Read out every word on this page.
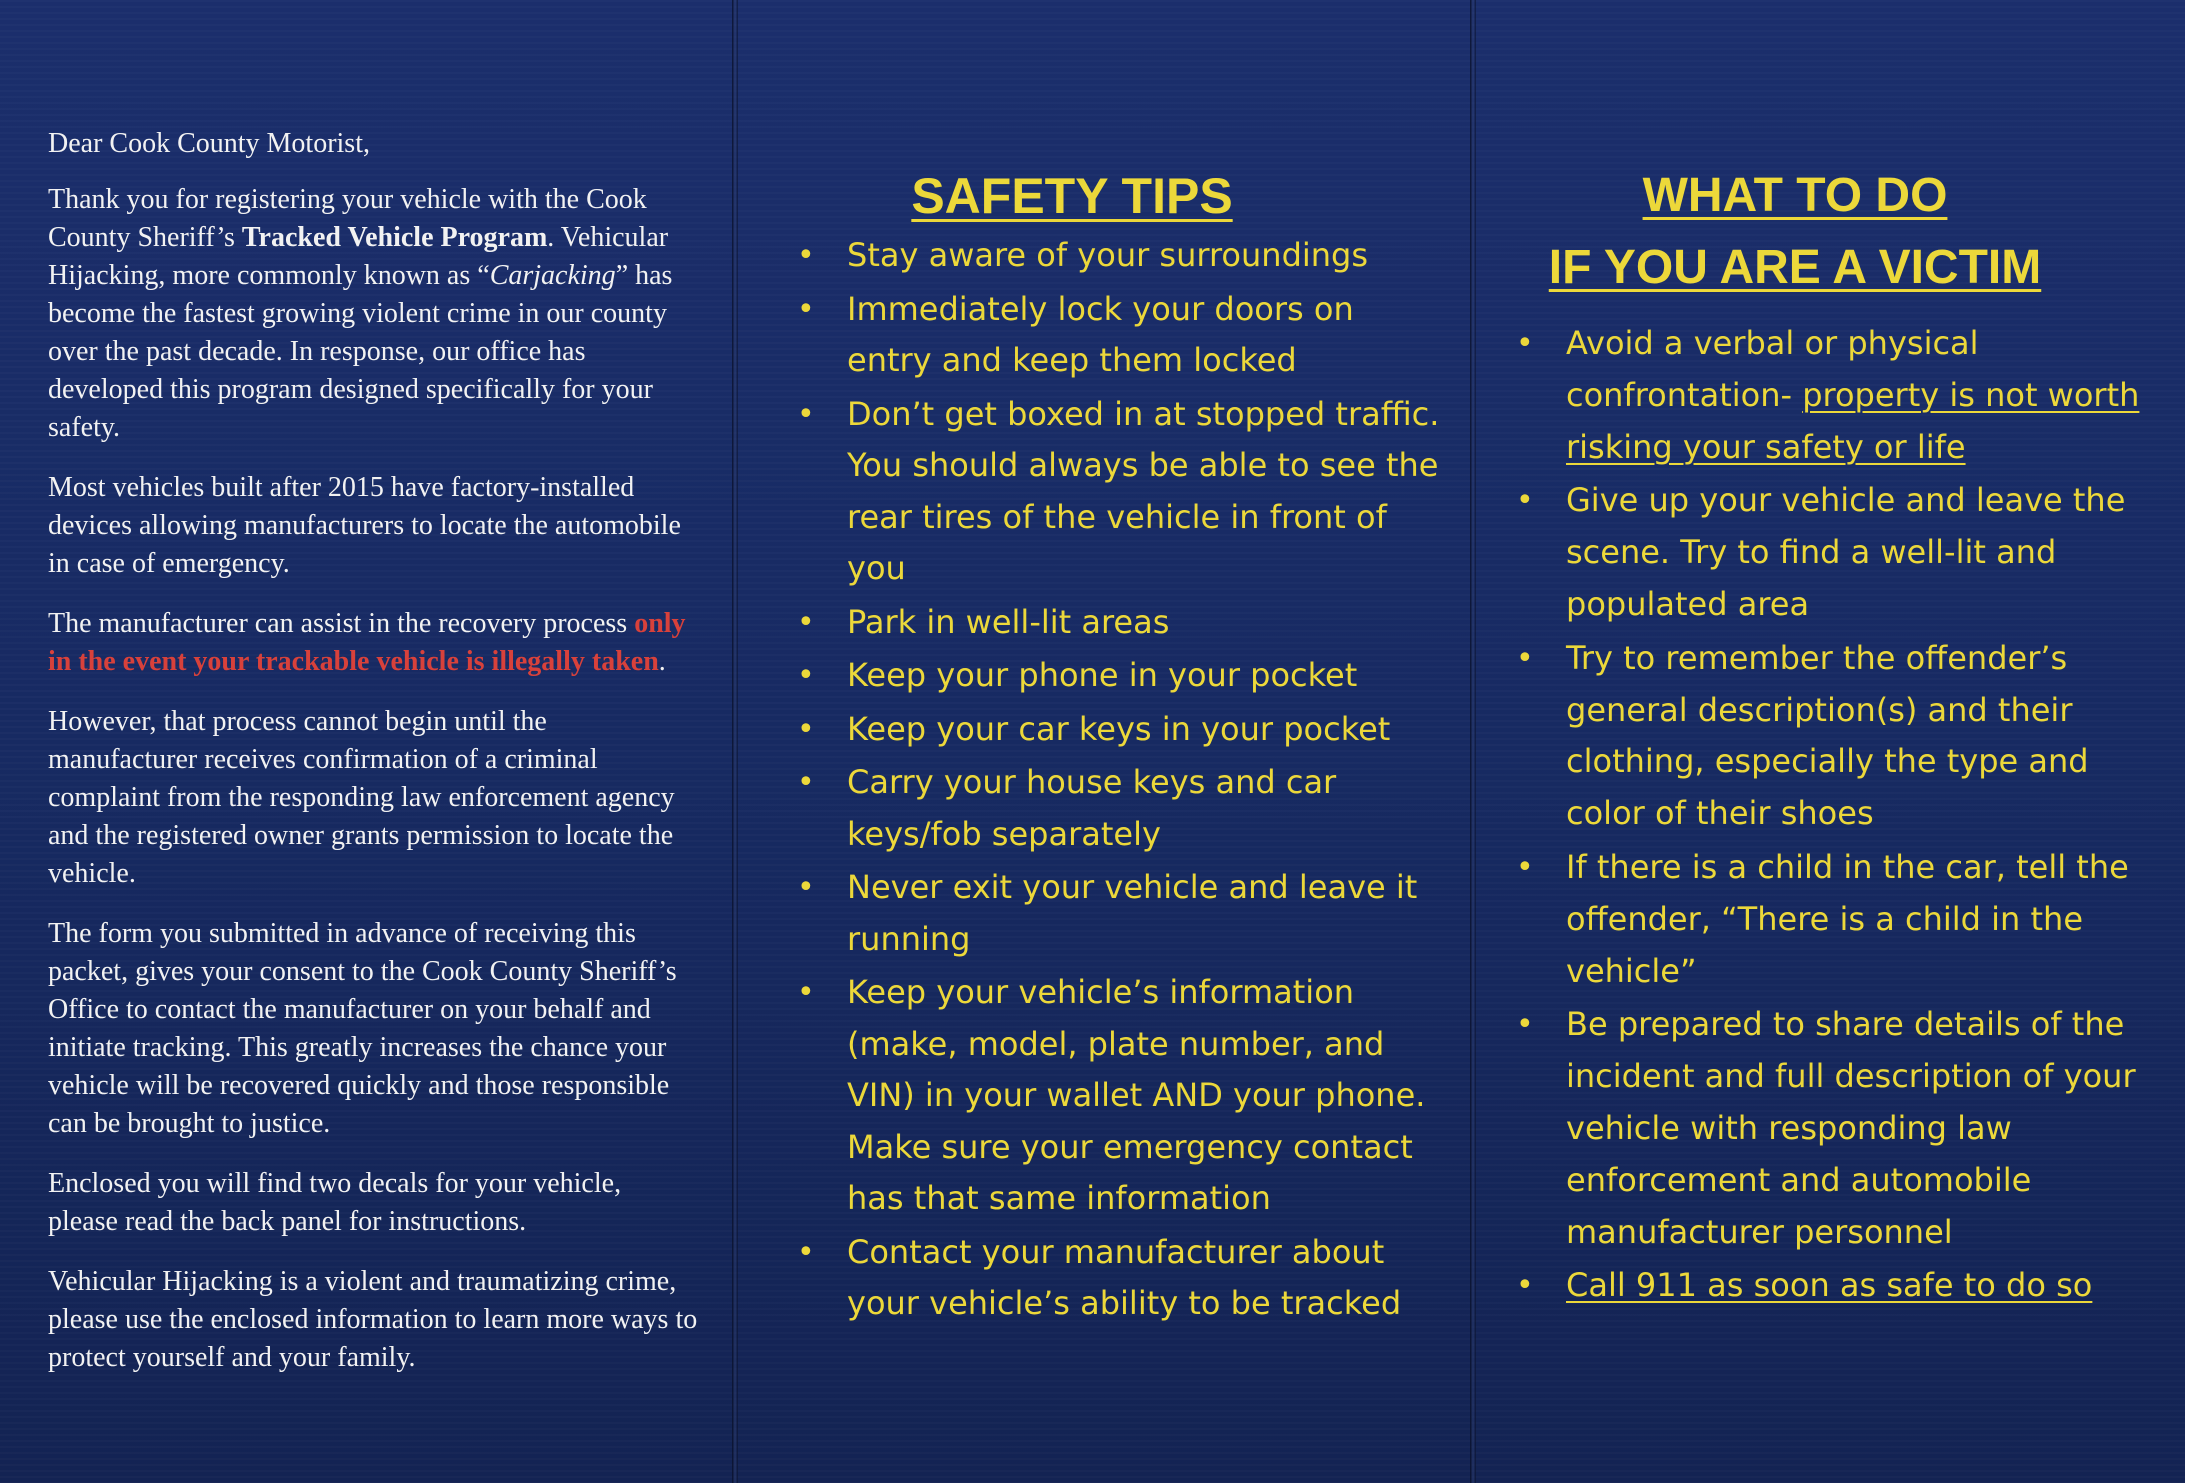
Dear Cook County Motorist,

Thank you for registering your vehicle with the Cook County Sheriff’s Tracked Vehicle Program. Vehicular Hijacking, more commonly known as “Carjacking” has become the fastest growing violent crime in our county over the past decade. In response, our office has developed this program designed specifically for your safety.

Most vehicles built after 2015 have factory-installed devices allowing manufacturers to locate the automobile in case of emergency.

The manufacturer can assist in the recovery process only in the event your trackable vehicle is illegally taken.

However, that process cannot begin until the manufacturer receives confirmation of a criminal complaint from the responding law enforcement agency and the registered owner grants permission to locate the vehicle.

The form you submitted in advance of receiving this packet, gives your consent to the Cook County Sheriff’s Office to contact the manufacturer on your behalf and initiate tracking. This greatly increases the chance your vehicle will be recovered quickly and those responsible can be brought to justice.

Enclosed you will find two decals for your vehicle, please read the back panel for instructions.

Vehicular Hijacking is a violent and traumatizing crime, please use the enclosed information to learn more ways to protect yourself and your family.

SAFETY TIPS
• Stay aware of your surroundings
• Immediately lock your doors on entry and keep them locked
• Don’t get boxed in at stopped traffic. You should always be able to see the rear tires of the vehicle in front of you
• Park in well-lit areas
• Keep your phone in your pocket
• Keep your car keys in your pocket
• Carry your house keys and car keys/fob separately
• Never exit your vehicle and leave it running
• Keep your vehicle’s information (make, model, plate number, and VIN) in your wallet AND your phone. Make sure your emergency contact has that same information
• Contact your manufacturer about your vehicle’s ability to be tracked
WHAT TO DO
IF YOU ARE A VICTIM
• Avoid a verbal or physical confrontation- property is not worth risking your safety or life
• Give up your vehicle and leave the scene. Try to find a well-lit and populated area
• Try to remember the offender’s general description(s) and their clothing, especially the type and color of their shoes
• If there is a child in the car, tell the offender, “There is a child in the vehicle”
• Be prepared to share details of the incident and full description of your vehicle with responding law enforcement and automobile manufacturer personnel
• Call 911 as soon as safe to do so
